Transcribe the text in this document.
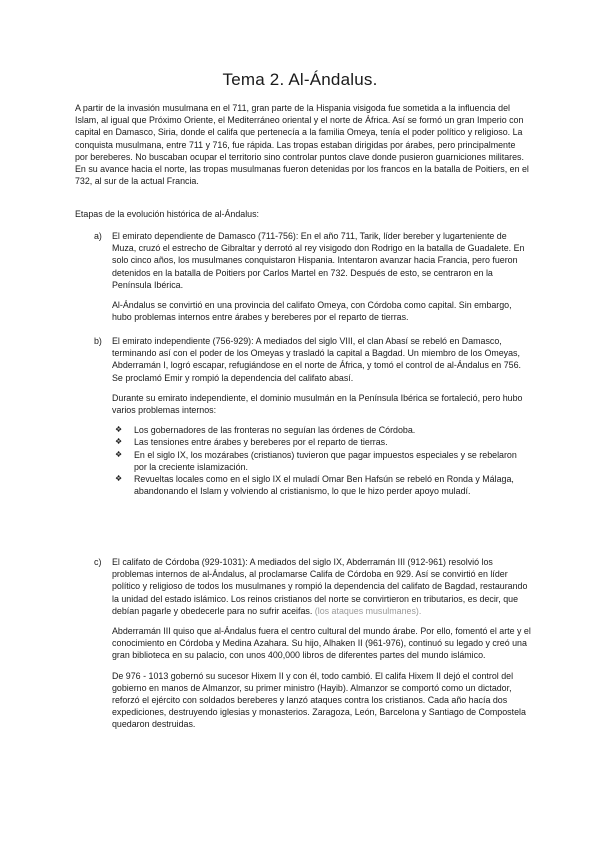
Tema 2. Al-Ándalus.

A partir de la invasión musulmana en el 711, gran parte de la Hispania visigoda fue sometida a la influencia del Islam, al igual que Próximo Oriente, el Mediterráneo oriental y el norte de África. Así se formó un gran Imperio con capital en Damasco, Siria, donde el califa que pertenecía a la familia Omeya, tenía el poder político y religioso. La conquista musulmana, entre 711 y 716, fue rápida. Las tropas estaban dirigidas por árabes, pero principalmente por bereberes. No buscaban ocupar el territorio sino controlar puntos clave donde pusieron guarniciones militares. En su avance hacia el norte, las tropas musulmanas fueron detenidas por los francos en la batalla de Poitiers, en el 732, al sur de la actual Francia.

Etapas de la evolución histórica de al-Ándalus:

a)	El emirato dependiente de Damasco (711-756): En el año 711, Tarik, líder bereber y lugarteniente de Muza, cruzó el estrecho de Gibraltar y derrotó al rey visigodo don Rodrigo en la batalla de Guadalete. En solo cinco años, los musulmanes conquistaron Hispania. Intentaron avanzar hacia Francia, pero fueron detenidos en la batalla de Poitiers por Carlos Martel en 732. Después de esto, se centraron en la Península Ibérica.

Al-Ándalus se convirtió en una provincia del califato Omeya, con Córdoba como capital. Sin embargo, hubo problemas internos entre árabes y bereberes por el reparto de tierras.

b)	El emirato independiente (756-929): A mediados del siglo VIII, el clan Abasí se rebeló en Damasco, terminando así con el poder de los Omeyas y trasladó la capital a Bagdad. Un miembro de los Omeyas, Abderramán I, logró escapar, refugiándose en el norte de África, y tomó el control de al-Ándalus en 756. Se proclamó Emir y rompió la dependencia del califato abasí.

Durante su emirato independiente, el dominio musulmán en la Península Ibérica se fortaleció, pero hubo varios problemas internos:

❖ Los gobernadores de las fronteras no seguían las órdenes de Córdoba.
❖ Las tensiones entre árabes y bereberes por el reparto de tierras.
❖ En el siglo IX, los mozárabes (cristianos) tuvieron que pagar impuestos especiales y se rebelaron por la creciente islamización.
❖ Revueltas locales como en el siglo IX el muladí Omar Ben Hafsún se rebeló en Ronda y Málaga, abandonando el Islam y volviendo al cristianismo, lo que le hizo perder apoyo muladí.
c)	El califato de Córdoba (929-1031): A mediados del siglo IX, Abderramán III (912-961) resolvió los problemas internos de al-Ándalus, al proclamarse Califa de Córdoba en 929. Así se convirtió en líder político y religioso de todos los musulmanes y rompió la dependencia del califato de Bagdad, restaurando la unidad del estado islámico. Los reinos cristianos del norte se convirtieron en tributarios, es decir, que debían pagarle y obedecerle para no sufrir aceifas. (los ataques musulmanes).

Abderramán III quiso que al-Ándalus fuera el centro cultural del mundo árabe. Por ello, fomentó el arte y el conocimiento en Córdoba y Medina Azahara. Su hijo, Alhaken II (961-976), continuó su legado y creó una gran biblioteca en su palacio, con unos 400,000 libros de diferentes partes del mundo islámico.

De 976 - 1013 gobernó su sucesor Hixem II y con él, todo cambió. El califa Hixem II dejó el control del gobierno en manos de Almanzor, su primer ministro (Hayib). Almanzor se comportó como un dictador, reforzó el ejército con soldados bereberes y lanzó ataques contra los cristianos. Cada año hacía dos expediciones, destruyendo iglesias y monasterios. Zaragoza, León, Barcelona y Santiago de Compostela quedaron destruidas.
